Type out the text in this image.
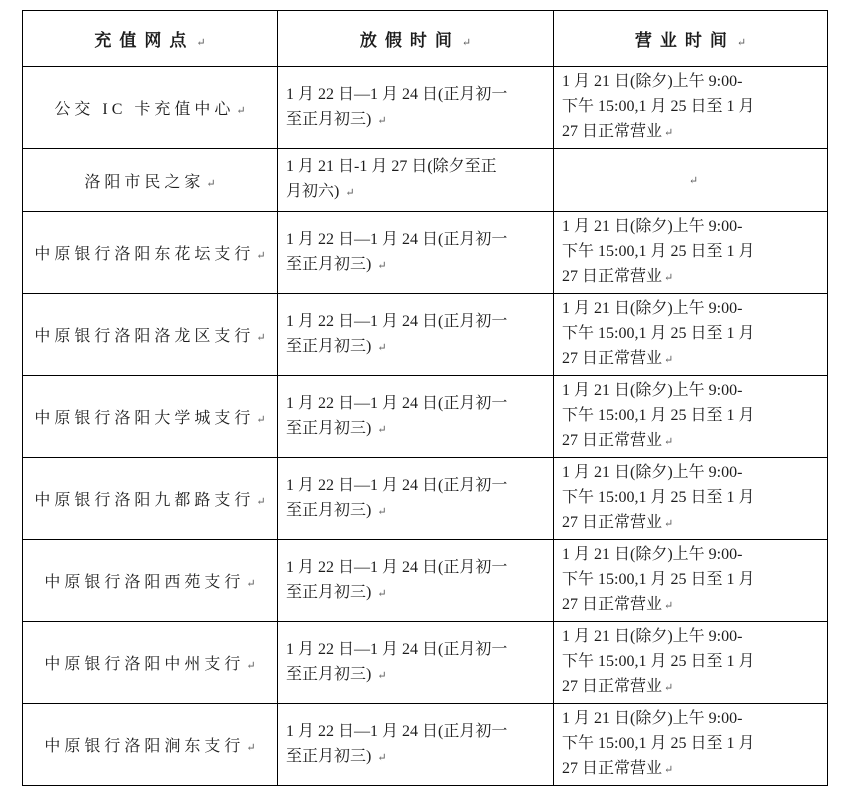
充值网点 ↵	放假时间 ↵	营业时间 ↵
公交 IC 卡充值中心 ↵	1 月 22 日—1 月 24 日(正月初一
至正月初三) ↵	1 月 21 日(除夕)上午 9:00-
下午 15:00,1 月 25 日至 1 月
27 日正常营业 ↵

洛阳市民之家 ↵	1 月 21 日-1 月 27 日(除夕至正
月初六) ↵	↵
中原银行洛阳东花坛支行 ↵	1 月 22 日—1 月 24 日(正月初一
至正月初三) ↵	1 月 21 日(除夕)上午 9:00-
下午 15:00,1 月 25 日至 1 月
27 日正常营业 ↵

中原银行洛阳洛龙区支行 ↵	1 月 22 日—1 月 24 日(正月初一
至正月初三) ↵	1 月 21 日(除夕)上午 9:00-
下午 15:00,1 月 25 日至 1 月
27 日正常营业 ↵

中原银行洛阳大学城支行 ↵	1 月 22 日—1 月 24 日(正月初一
至正月初三) ↵	1 月 21 日(除夕)上午 9:00-
下午 15:00,1 月 25 日至 1 月
27 日正常营业 ↵

中原银行洛阳九都路支行 ↵	1 月 22 日—1 月 24 日(正月初一
至正月初三) ↵	1 月 21 日(除夕)上午 9:00-
下午 15:00,1 月 25 日至 1 月
27 日正常营业 ↵

中原银行洛阳西苑支行 ↵	1 月 22 日—1 月 24 日(正月初一
至正月初三) ↵	1 月 21 日(除夕)上午 9:00-
下午 15:00,1 月 25 日至 1 月
27 日正常营业 ↵

中原银行洛阳中州支行 ↵	1 月 22 日—1 月 24 日(正月初一
至正月初三) ↵	1 月 21 日(除夕)上午 9:00-
下午 15:00,1 月 25 日至 1 月
27 日正常营业 ↵

中原银行洛阳涧东支行 ↵	1 月 22 日—1 月 24 日(正月初一
至正月初三) ↵	1 月 21 日(除夕)上午 9:00-
下午 15:00,1 月 25 日至 1 月
27 日正常营业 ↵
